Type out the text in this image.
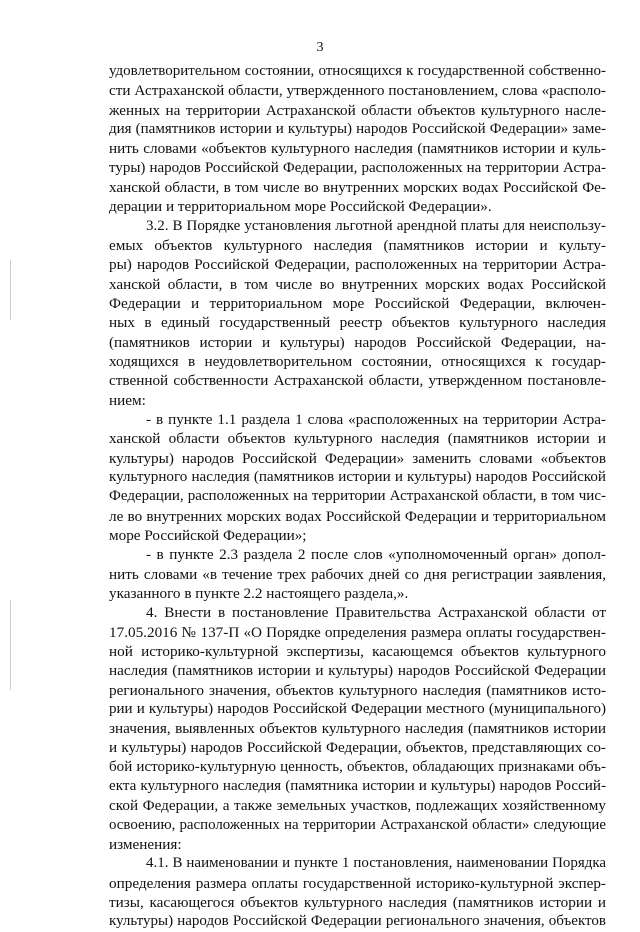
3
удовлетворительном состоянии, относящихся к государственной собственно-
сти Астраханской области, утвержденного постановлением, слова «располо-
женных на территории Астраханской области объектов культурного насле-
дия (памятников истории и культуры) народов Российской Федерации» заме-
нить словами «объектов культурного наследия (памятников истории и куль-
туры) народов Российской Федерации, расположенных на территории Астра-
ханской области, в том числе во внутренних морских водах Российской Фе-
дерации и территориальном море Российской Федерации».
3.2. В Порядке установления льготной арендной платы для неиспользу-
емых объектов культурного наследия (памятников истории и культу-
ры) народов Российской Федерации, расположенных на территории Астра-
ханской области, в том числе во внутренних морских водах Российской
Федерации и территориальном море Российской Федерации, включен-
ных в единый государственный реестр объектов культурного наследия
(памятников истории и культуры) народов Российской Федерации, на-
ходящихся в неудовлетворительном состоянии, относящихся к государ-
ственной собственности Астраханской области, утвержденном постановле-
нием:
- в пункте 1.1 раздела 1 слова «расположенных на территории Астра-
ханской области объектов культурного наследия (памятников истории и
культуры) народов Российской Федерации» заменить словами «объектов
культурного наследия (памятников истории и культуры) народов Российской
Федерации, расположенных на территории Астраханской области, в том чис-
ле во внутренних морских водах Российской Федерации и территориальном
море Российской Федерации»;
- в пункте 2.3 раздела 2 после слов «уполномоченный орган» допол-
нить словами «в течение трех рабочих дней со дня регистрации заявления,
указанного в пункте 2.2 настоящего раздела,».
4. Внести в постановление Правительства Астраханской области от
17.05.2016 № 137-П «О Порядке определения размера оплаты государствен-
ной историко-культурной экспертизы, касающемся объектов культурного
наследия (памятников истории и культуры) народов Российской Федерации
регионального значения, объектов культурного наследия (памятников исто-
рии и культуры) народов Российской Федерации местного (муниципального)
значения, выявленных объектов культурного наследия (памятников истории
и культуры) народов Российской Федерации, объектов, представляющих со-
бой историко-культурную ценность, объектов, обладающих признаками объ-
екта культурного наследия (памятника истории и культуры) народов Россий-
ской Федерации, а также земельных участков, подлежащих хозяйственному
освоению, расположенных на территории Астраханской области» следующие
изменения:
4.1. В наименовании и пункте 1 постановления, наименовании Порядка
определения размера оплаты государственной историко-культурной экспер-
тизы, касающегося объектов культурного наследия (памятников истории и
культуры) народов Российской Федерации регионального значения, объектов
